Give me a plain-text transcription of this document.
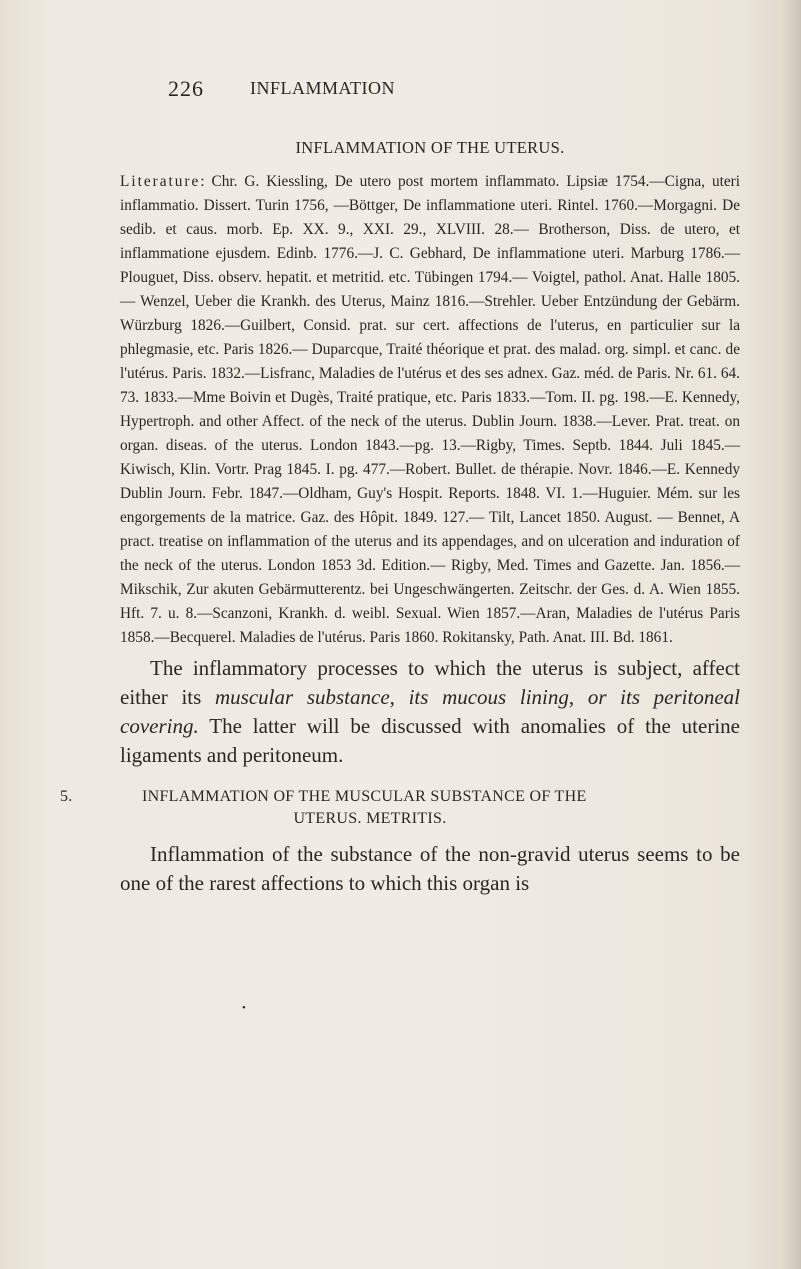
226	INFLAMMATION

INFLAMMATION OF THE UTERUS.

Literature: Chr. G. Kiessling, De utero post mortem inflammato. Lipsiæ 1754.—Cigna, uteri inflammatio. Dissert. Turin 1756, —Böttger, De inflammatione uteri. Rintel. 1760.—Morgagni. De sedib. et caus. morb. Ep. XX. 9., XXI. 29., XLVIII. 28.— Brotherson, Diss. de utero, et inflammatione ejusdem. Edinb. 1776.—J. C. Gebhard, De inflammatione uteri. Marburg 1786.— Plouguet, Diss. observ. hepatit. et metritid. etc. Tübingen 1794.— Voigtel, pathol. Anat. Halle 1805. — Wenzel, Ueber die Krankh. des Uterus, Mainz 1816.—Strehler. Ueber Entzündung der Gebärm. Würzburg 1826.—Guilbert, Consid. prat. sur cert. affections de l'uterus, en particulier sur la phlegmasie, etc. Paris 1826.— Duparcque, Traité théorique et prat. des malad. org. simpl. et canc. de l'utérus. Paris. 1832.—Lisfranc, Maladies de l'utérus et des ses adnex. Gaz. méd. de Paris. Nr. 61. 64. 73. 1833.—Mme Boivin et Dugès, Traité pratique, etc. Paris 1833.—Tom. II. pg. 198.—E. Kennedy, Hypertroph. and other Affect. of the neck of the uterus. Dublin Journ. 1838.—Lever. Prat. treat. on organ. diseas. of the uterus. London 1843.—pg. 13.—Rigby, Times. Septb. 1844. Juli 1845.—Kiwisch, Klin. Vortr. Prag 1845. I. pg. 477.—Robert. Bullet. de thérapie. Novr. 1846.—E. Kennedy Dublin Journ. Febr. 1847.—Oldham, Guy's Hospit. Reports. 1848. VI. 1.—Huguier. Mém. sur les engorgements de la matrice. Gaz. des Hôpit. 1849. 127.— Tilt, Lancet 1850. August. — Bennet, A pract. treatise on inflammation of the uterus and its appendages, and on ulceration and induration of the neck of the uterus. London 1853 3d. Edition.— Rigby, Med. Times and Gazette. Jan. 1856.—Mikschik, Zur akuten Gebärmutterentz. bei Ungeschwängerten. Zeitschr. der Ges. d. A. Wien 1855. Hft. 7. u. 8.—Scanzoni, Krankh. d. weibl. Sexual. Wien 1857.—Aran, Maladies de l'utérus Paris 1858.—Becquerel. Maladies de l'utérus. Paris 1860. Rokitansky, Path. Anat. III. Bd. 1861.

The inflammatory processes to which the uterus is subject, affect either its muscular substance, its mucous lining, or its peritoneal covering. The latter will be discussed with anomalies of the uterine ligaments and peritoneum.

5.	INFLAMMATION OF THE MUSCULAR SUBSTANCE OF THE
UTERUS. METRITIS.

Inflammation of the substance of the non-gravid uterus seems to be one of the rarest affections to which this organ is

•
